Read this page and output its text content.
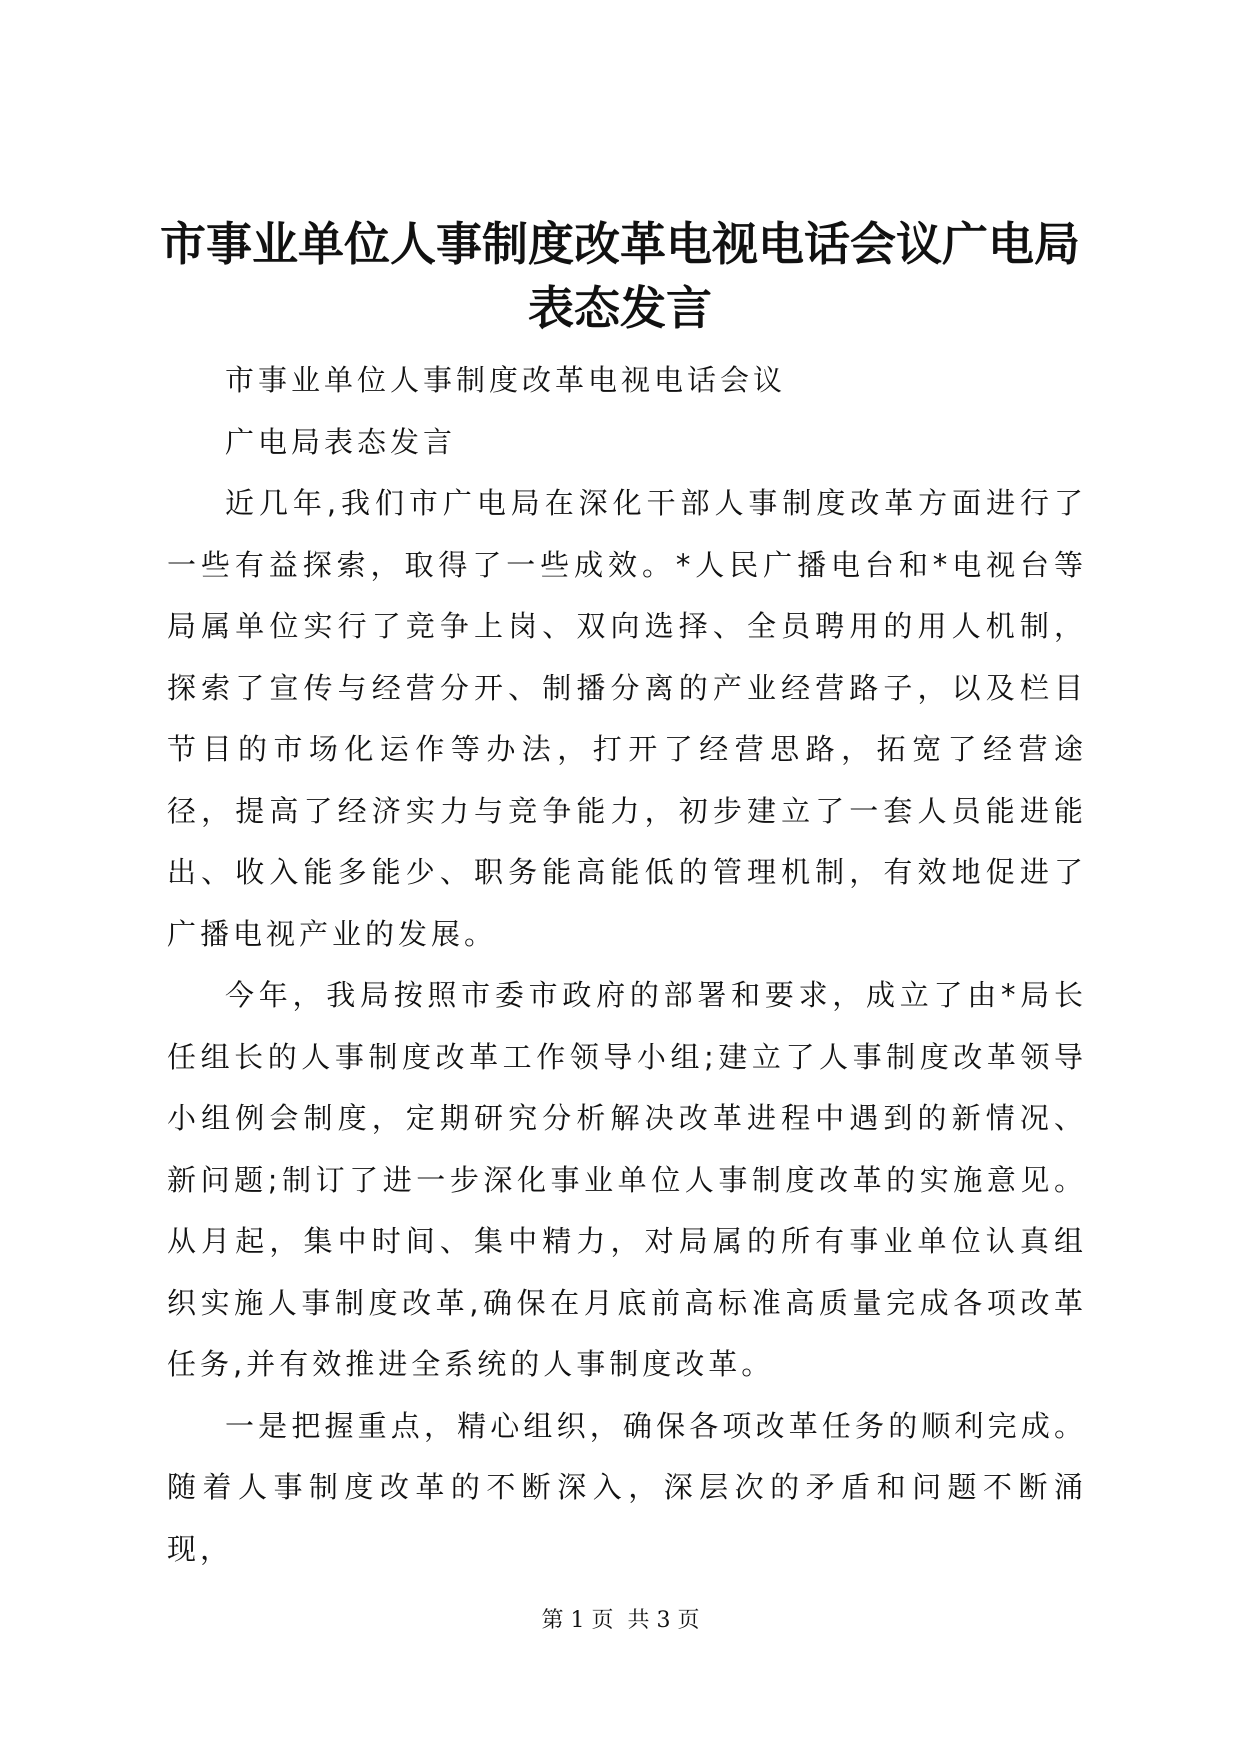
市事业单位人事制度改革电视电话会议广电局
表态发言

市事业单位人事制度改革电视电话会议

广电局表态发言

近几年,我们市广电局在深化干部人事制度改革方面进行了一些有益探索，取得了一些成效。*人民广播电台和*电视台等局属单位实行了竞争上岗、双向选择、全员聘用的用人机制，探索了宣传与经营分开、制播分离的产业经营路子，以及栏目节目的市场化运作等办法，打开了经营思路，拓宽了经营途径，提高了经济实力与竞争能力，初步建立了一套人员能进能出、收入能多能少、职务能高能低的管理机制，有效地促进了广播电视产业的发展。

今年，我局按照市委市政府的部署和要求，成立了由*局长任组长的人事制度改革工作领导小组;建立了人事制度改革领导小组例会制度，定期研究分析解决改革进程中遇到的新情况、新问题;制订了进一步深化事业单位人事制度改革的实施意见。从月起，集中时间、集中精力，对局属的所有事业单位认真组织实施人事制度改革,确保在月底前高标准高质量完成各项改革任务,并有效推进全系统的人事制度改革。

一是把握重点，精心组织，确保各项改革任务的顺利完成。随着人事制度改革的不断深入，深层次的矛盾和问题不断涌现，

第 1 页  共 3 页
